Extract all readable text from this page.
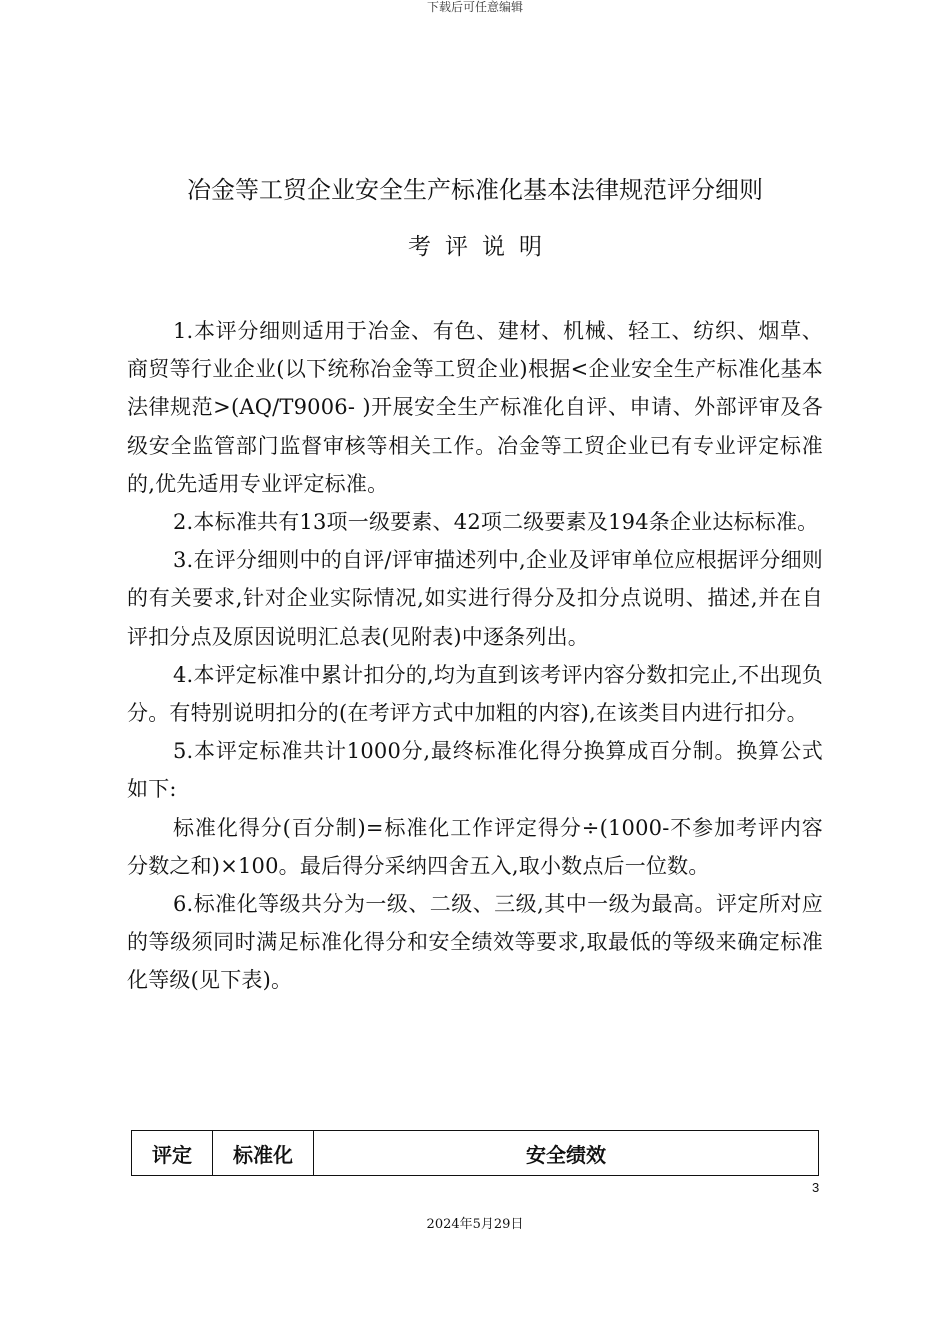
下载后可任意编辑
冶金等工贸企业安全生产标准化基本法律规范评分细则
考评说明

1.本评分细则适用于冶金、有色、建材、机械、轻工、纺织、烟草、商贸等行业企业(以下统称冶金等工贸企业)根据<企业安全生产标准化基本法律规范>(AQ/T9006- )开展安全生产标准化自评、申请、外部评审及各级安全监管部门监督审核等相关工作。冶金等工贸企业已有专业评定标准的,优先适用专业评定标准。

2.本标准共有13项一级要素、42项二级要素及194条企业达标标准。

3.在评分细则中的自评/评审描述列中,企业及评审单位应根据评分细则的有关要求,针对企业实际情况,如实进行得分及扣分点说明、描述,并在自评扣分点及原因说明汇总表(见附表)中逐条列出。

4.本评定标准中累计扣分的,均为直到该考评内容分数扣完止,不出现负分。有特别说明扣分的(在考评方式中加粗的内容),在该类目内进行扣分。

5.本评定标准共计1000分,最终标准化得分换算成百分制。换算公式如下:

标准化得分(百分制)=标准化工作评定得分÷(1000-不参加考评内容分数之和)×100。最后得分采纳四舍五入,取小数点后一位数。

6.标准化等级共分为一级、二级、三级,其中一级为最高。评定所对应的等级须同时满足标准化得分和安全绩效等要求,取最低的等级来确定标准化等级(见下表)。

评定	标准化	安全绩效
3
2024年5月29日
